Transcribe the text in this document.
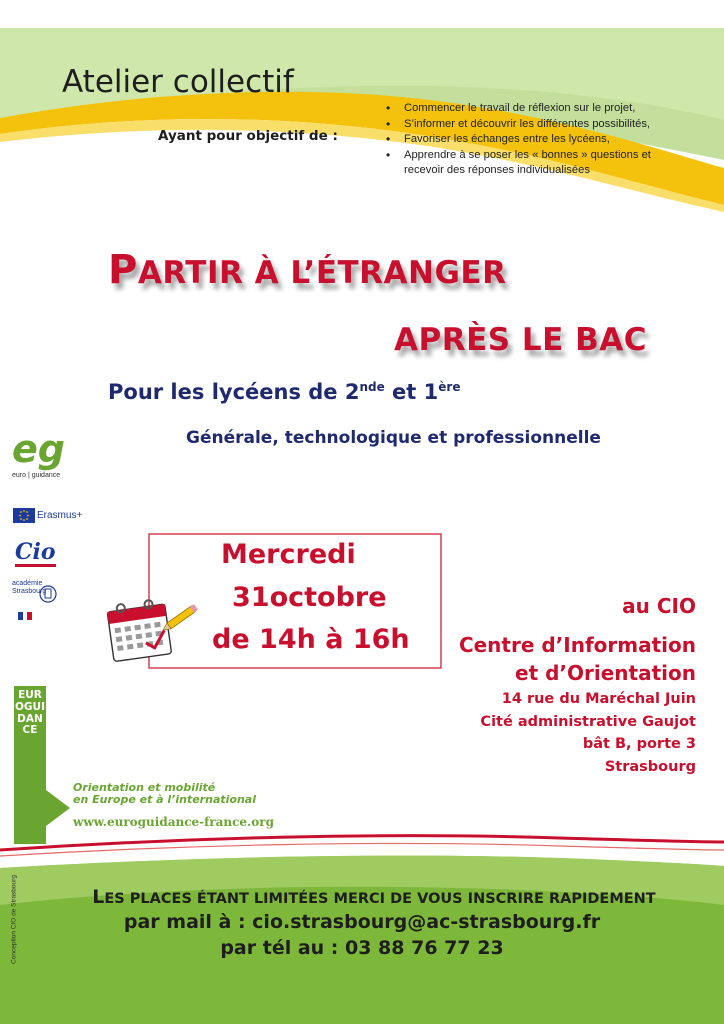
Atelier collectif
Ayant pour objectif de :
• Commencer le travail de réflexion sur le projet,
• S’informer et découvrir les différentes possibilités,
• Favoriser les échanges entre les lycéens,
• Apprendre à se poser les « bonnes » questions et
recevoir des réponses individualisées
PARTIR À L’ÉTRANGER
APRÈS LE BAC
Pour les lycéens de 2nde et 1ère
Générale, technologique et professionnelle
eg
euro | guidance
Erasmus+
Cio
académie Strasbourg
Mercredi
31octobre
de 14h à 16h
au CIO
Centre d’Information
et d’Orientation
14 rue du Maréchal Juin
Cité administrative Gaujot
bât B, porte 3
Strasbourg
EUROGUIDANCE
Orientation et mobilité
en Europe et à l’international
www.euroguidance-france.org
Conception CIO de Strasbourg	LES PLACES ÉTANT LIMITÉES MERCI DE VOUS INSCRIRE RAPIDEMENT
par mail à : cio.strasbourg@ac-strasbourg.fr
par tél au : 03 88 76 77 23
